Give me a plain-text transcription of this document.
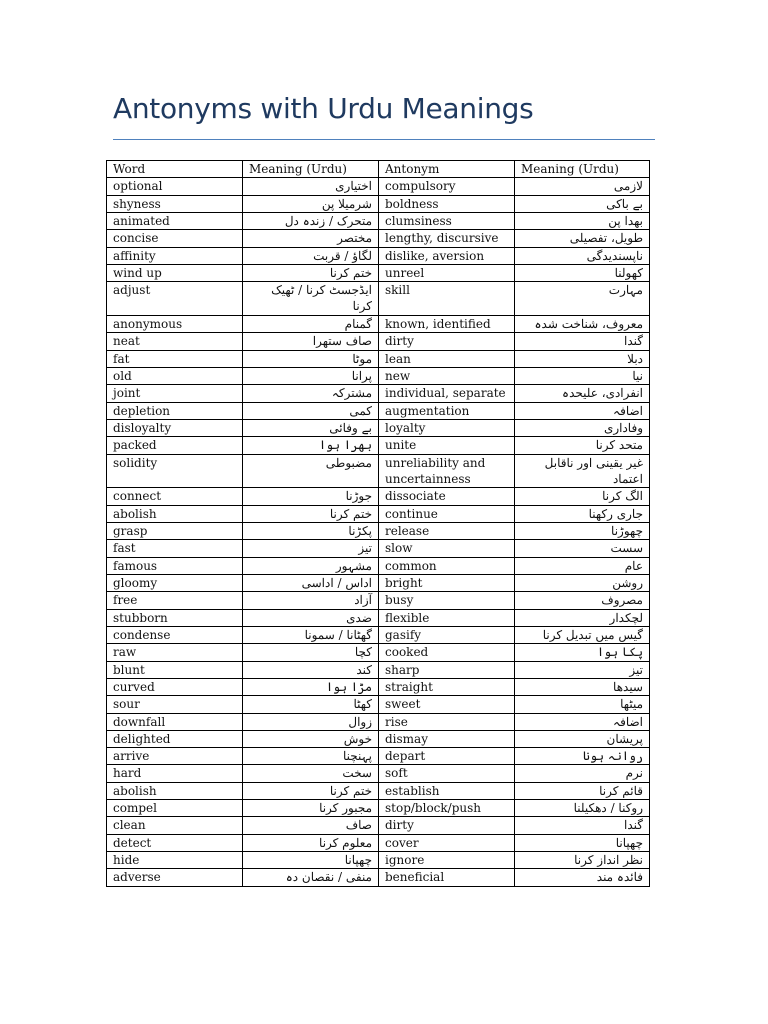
Antonyms with Urdu Meanings
Word	Meaning (Urdu)	Antonym	Meaning (Urdu)
optional	اختیاری	compulsory	لازمی
shyness	شرمیلا پن	boldness	بے باکی
animated	متحرک / زندہ دل	clumsiness	بھدا پن
concise	مختصر	lengthy, discursive	طویل، تفصیلی
affinity	لگاؤ / قربت	dislike, aversion	ناپسندیدگی
wind up	ختم کرنا	unreel	کھولنا
adjust	ایڈجسٹ کرنا / ٹھیک کرنا	skill	مہارت
anonymous	گمنام	known, identified	معروف، شناخت شدہ
neat	صاف ستھرا	dirty	گندا
fat	موٹا	lean	دبلا
old	پرانا	new	نیا
joint	مشترکہ	individual, separate	انفرادی، علیحدہ
depletion	کمی	augmentation	اضافہ
disloyalty	بے وفائی	loyalty	وفاداری
packed	بھرا ہوا	unite	متحد کرنا
solidity	مضبوطی	unreliability and uncertainness	غیر یقینی اور ناقابل اعتماد
connect	جوڑنا	dissociate	الگ کرنا
abolish	ختم کرنا	continue	جاری رکھنا
grasp	پکڑنا	release	چھوڑنا
fast	تیز	slow	سست
famous	مشہور	common	عام
gloomy	اداس / اداسی	bright	روشن
free	آزاد	busy	مصروف
stubborn	ضدی	flexible	لچکدار
condense	گھٹانا / سمونا	gasify	گیس میں تبدیل کرنا
raw	کچا	cooked	پکا ہوا
blunt	کند	sharp	تیز
curved	مڑا ہوا	straight	سیدھا
sour	کھٹا	sweet	میٹھا
downfall	زوال	rise	اضافہ
delighted	خوش	dismay	پریشان
arrive	پہنچنا	depart	روانہ ہونا
hard	سخت	soft	نرم
abolish	ختم کرنا	establish	قائم کرنا
compel	مجبور کرنا	stop/block/push	روکنا / دھکیلنا
clean	صاف	dirty	گندا
detect	معلوم کرنا	cover	چھپانا
hide	چھپانا	ignore	نظر انداز کرنا
adverse	منفی / نقصان دہ	beneficial	فائدہ مند
